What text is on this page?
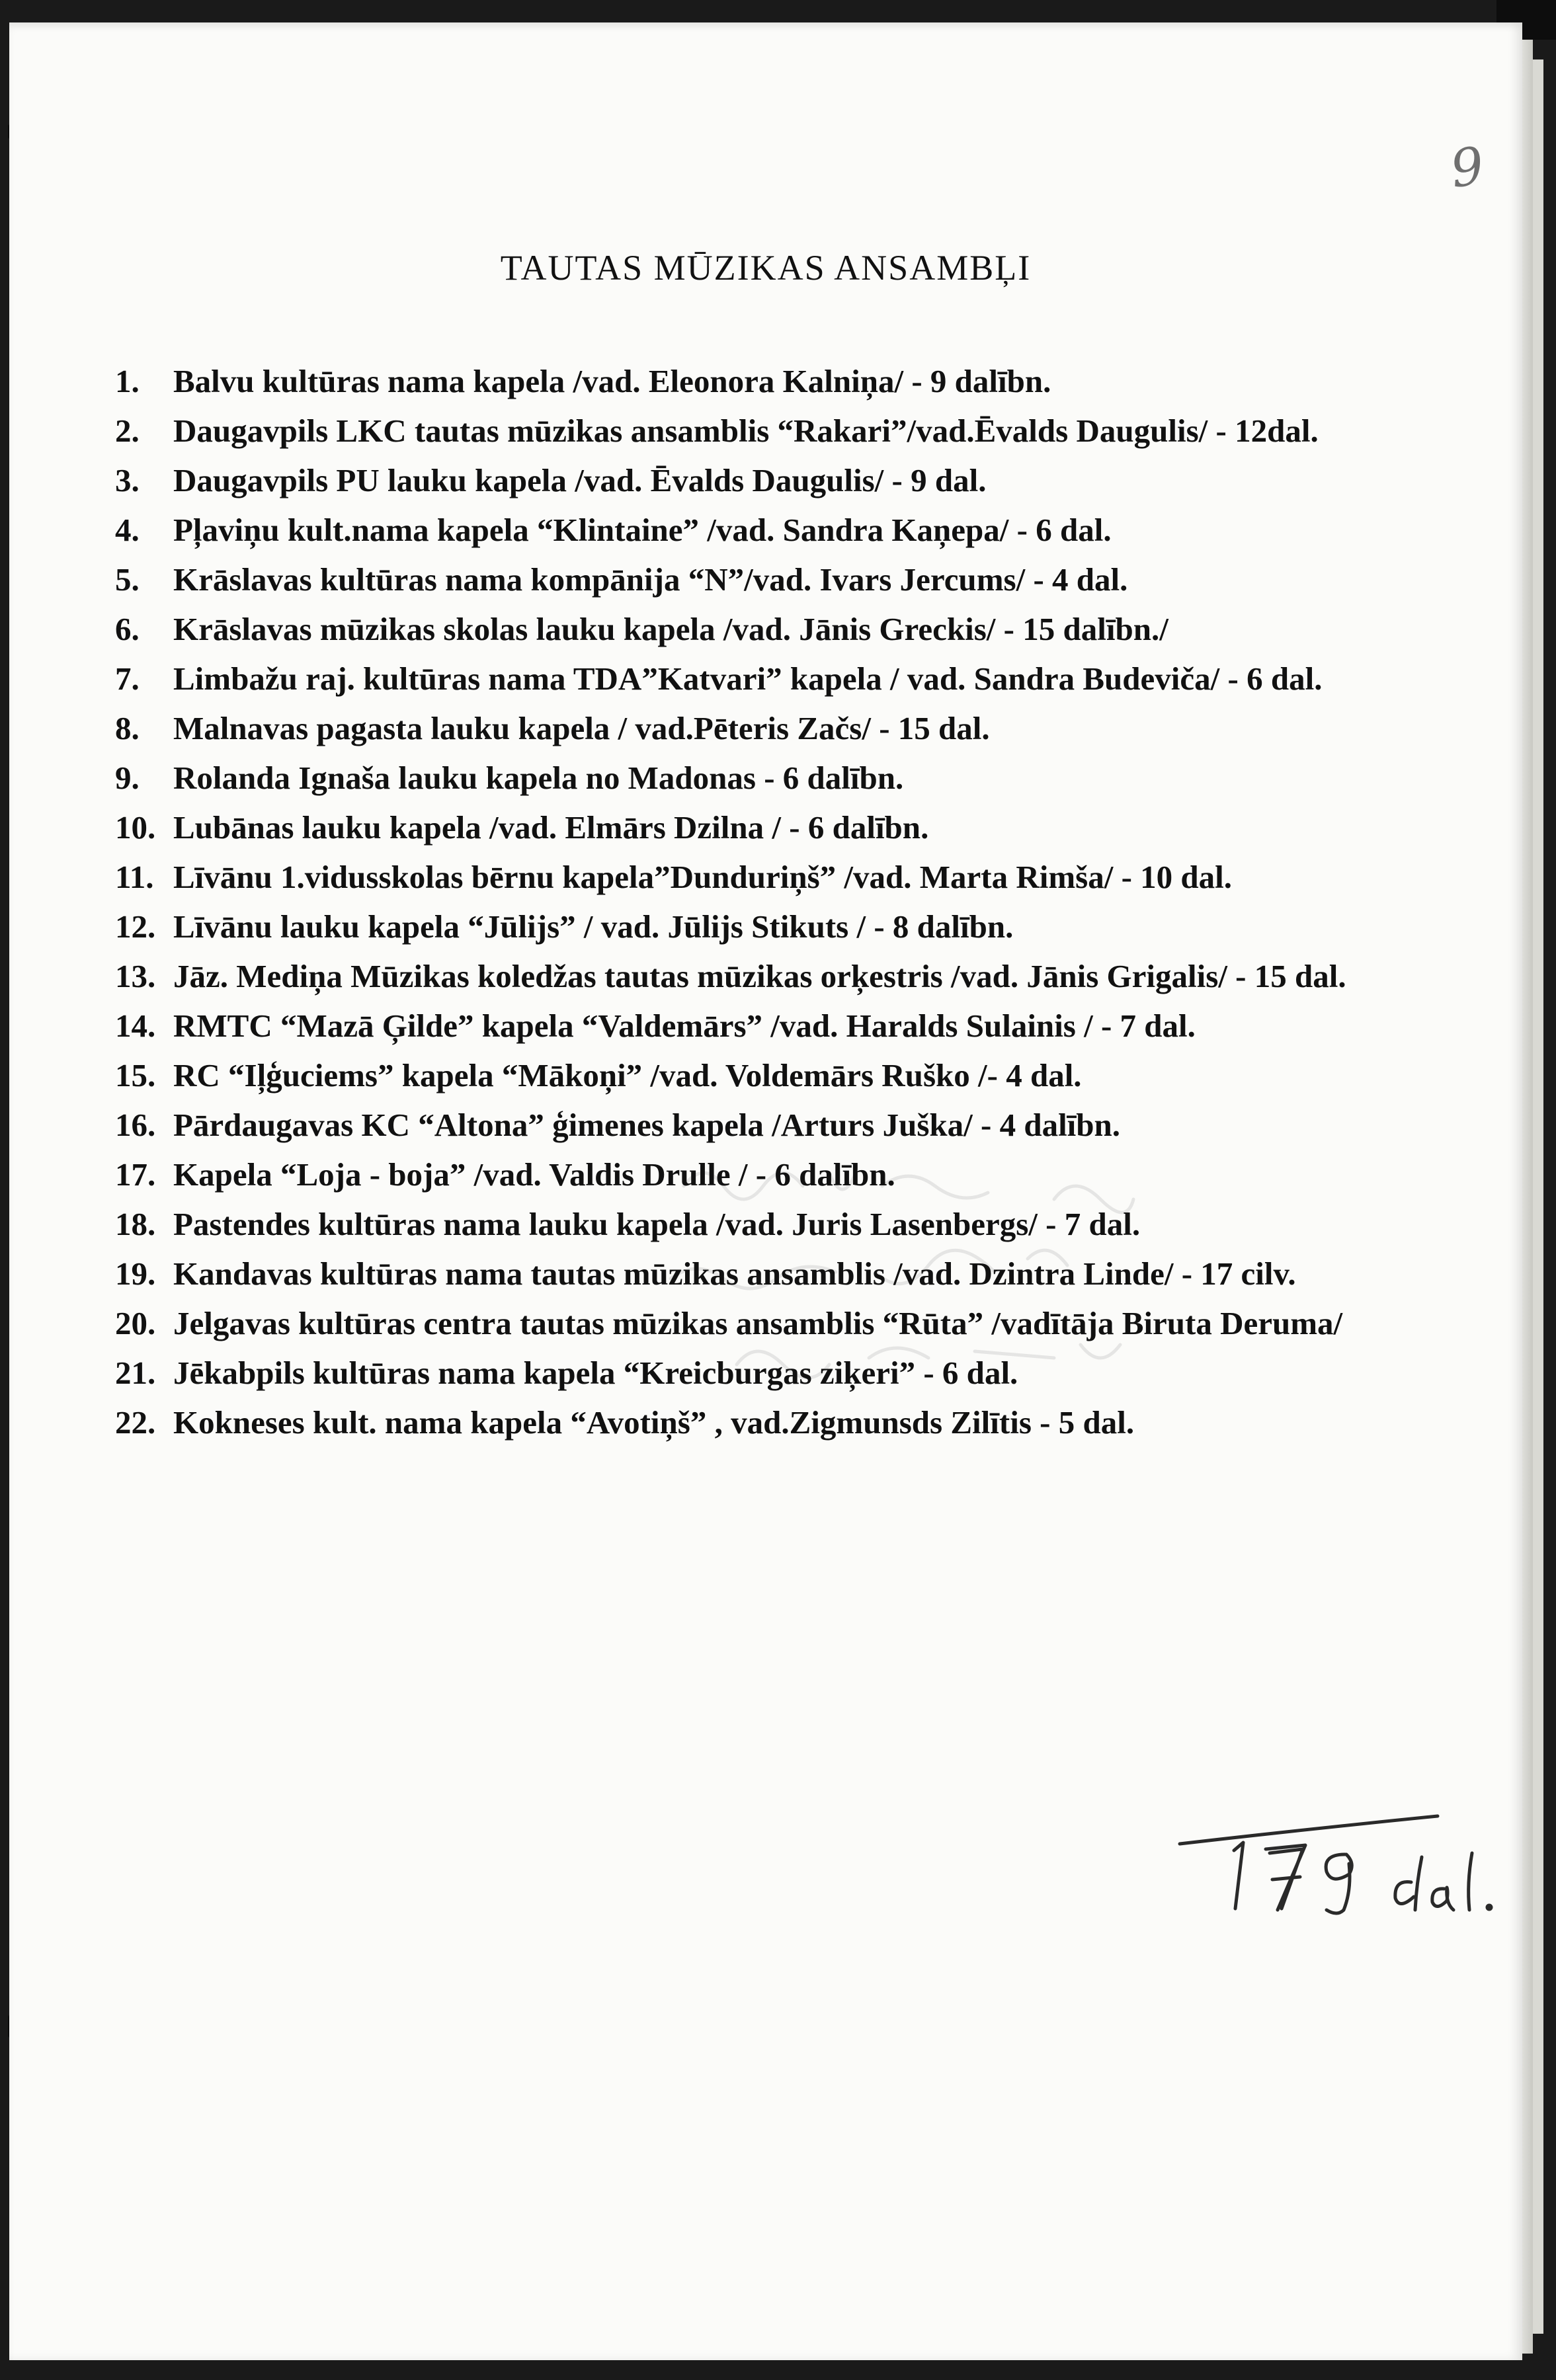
9
TAUTAS MŪZIKAS ANSAMBĻI
1. Balvu kultūras nama kapela /vad. Eleonora Kalniņa/ - 9 dalībn.
2. Daugavpils LKC tautas mūzikas ansamblis “Rakari”/vad.Ēvalds Daugulis/ - 12dal.
3. Daugavpils PU lauku kapela /vad. Ēvalds Daugulis/ - 9 dal.
4. Pļaviņu kult.nama kapela “Klintaine” /vad. Sandra Kaņepa/ - 6 dal.
5. Krāslavas kultūras nama kompānija “N”/vad. Ivars Jercums/ - 4 dal.
6. Krāslavas mūzikas skolas lauku kapela /vad. Jānis Greckis/ - 15 dalībn./
7. Limbažu raj. kultūras nama TDA”Katvari” kapela / vad. Sandra Budeviča/ - 6 dal.
8. Malnavas pagasta lauku kapela / vad.Pēteris Začs/ - 15 dal.
9. Rolanda Ignaša lauku kapela no Madonas - 6 dalībn.
10. Lubānas lauku kapela /vad. Elmārs Dzilna / - 6 dalībn.
11. Līvānu 1.vidusskolas bērnu kapela”Dunduriņš” /vad. Marta Rimša/ - 10 dal.
12. Līvānu lauku kapela “Jūlijs” / vad. Jūlijs Stikuts / - 8 dalībn.
13. Jāz. Mediņa Mūzikas koledžas tautas mūzikas orķestris /vad. Jānis Grigalis/ - 15 dal.
14. RMTC “Mazā Ģilde” kapela “Valdemārs” /vad. Haralds Sulainis / - 7 dal.
15. RC “Iļģuciems” kapela “Mākoņi” /vad. Voldemārs Ruško /- 4 dal.
16. Pārdaugavas KC “Altona” ģimenes kapela /Arturs Juška/ - 4 dalībn.
17. Kapela “Loja - boja” /vad. Valdis Drulle / - 6 dalībn.
18. Pastendes kultūras nama lauku kapela /vad. Juris Lasenbergs/ - 7 dal.
19. Kandavas kultūras nama tautas mūzikas ansamblis /vad. Dzintra Linde/ - 17 cilv.
20. Jelgavas kultūras centra tautas mūzikas ansamblis “Rūta” /vadītāja Biruta Deruma/
21. Jēkabpils kultūras nama kapela “Kreicburgas ziķeri” - 6 dal.
22. Kokneses kult. nama kapela “Avotiņš” , vad.Zigmunsds Zilītis - 5 dal.
